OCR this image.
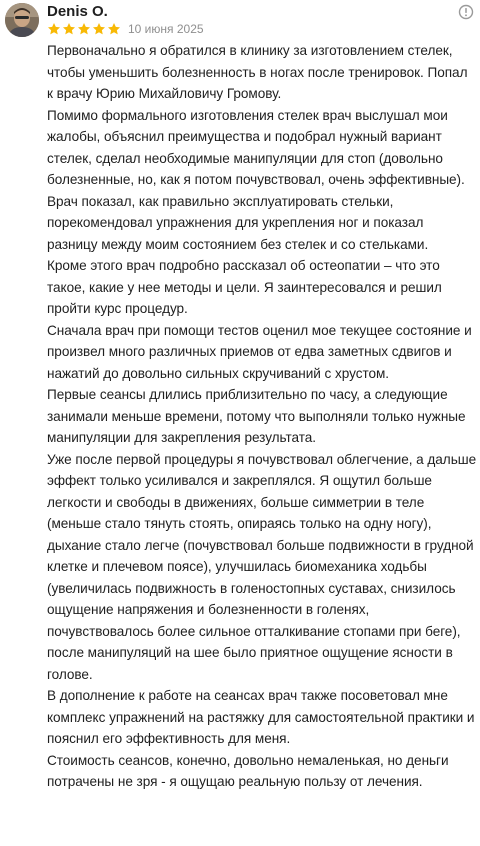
Denis O.
10 июня 2025

Первоначально я обратился в клинику за изготовлением стелек, чтобы уменьшить болезненность в ногах после тренировок. Попал к врачу Юрию Михайловичу Громову.

Помимо формального изготовления стелек врач выслушал мои жалобы, объяснил преимущества и подобрал нужный вариант стелек, сделал необходимые манипуляции для стоп (довольно болезненные, но, как я потом почувствовал, очень эффективные). Врач показал, как правильно эксплуатировать стельки, порекомендовал упражнения для укрепления ног и показал разницу между моим состоянием без стелек и со стельками.

Кроме этого врач подробно рассказал об остеопатии – что это такое, какие у нее методы и цели. Я заинтересовался и решил пройти курс процедур.

Сначала врач при помощи тестов оценил мое текущее состояние и произвел много различных приемов от едва заметных сдвигов и нажатий до довольно сильных скручиваний с хрустом.

Первые сеансы длились приблизительно по часу, а следующие занимали меньше времени, потому что выполняли только нужные манипуляции для закрепления результата.

Уже после первой процедуры я почувствовал облегчение, а дальше эффект только усиливался и закреплялся. Я ощутил больше легкости и свободы в движениях, больше симметрии в теле (меньше стало тянуть стоять, опираясь только на одну ногу), дыхание стало легче (почувствовал больше подвижности в грудной клетке и плечевом поясе), улучшилась биомеханика ходьбы (увеличилась подвижность в голеностопных суставах, снизилось ощущение напряжения и болезненности в голенях, почувствовалось более сильное отталкивание стопами при беге), после манипуляций на шее было приятное ощущение ясности в голове.

В дополнение к работе на сеансах врач также посоветовал мне комплекс упражнений на растяжку для самостоятельной практики и пояснил его эффективность для меня.

Стоимость сеансов, конечно, довольно немаленькая, но деньги потрачены не зря - я ощущаю реальную пользу от лечения.
